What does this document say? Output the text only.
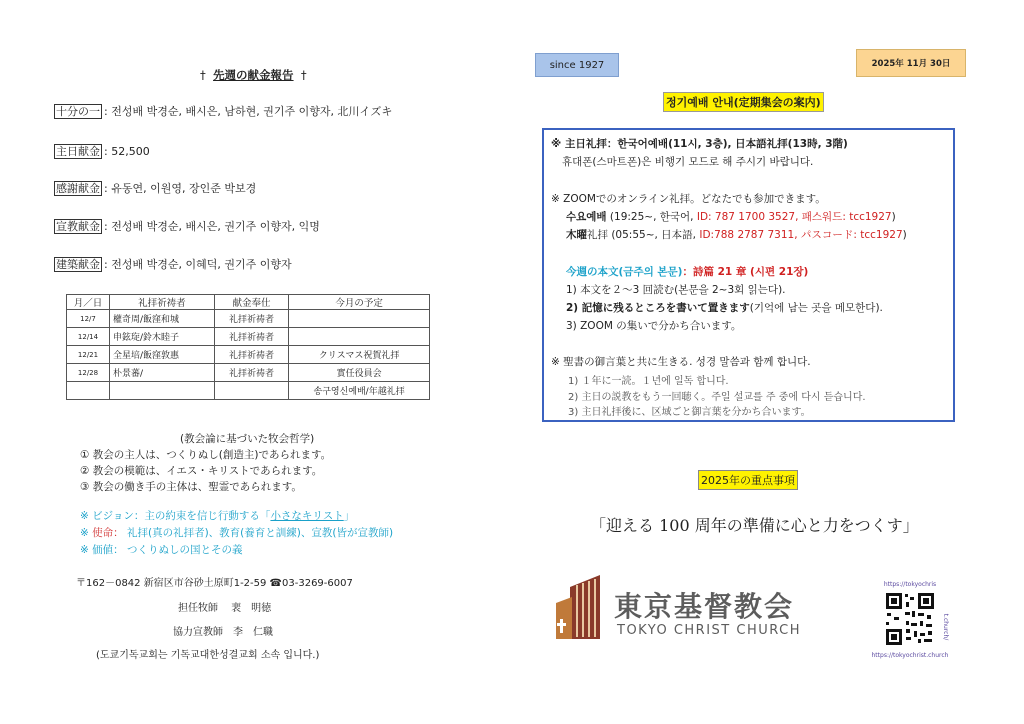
† 先週の献金報告 †
十分の一 : 전성배 박경순, 배시은, 남하현, 권기주 이향자, 北川イズキ
主日献金 : 52,500
感謝献金 : 유동연, 이원영, 장인준 박보경
宣教献金 : 전성배 박경순, 배시은, 권기주 이향자, 익명
建築献金 : 전성배 박경순, 이혜덕, 권기주 이향자
月／日	礼拝祈祷者	献金奉仕	今月の予定
12/7	權奇周/飯窪和城	礼拝祈祷者	
12/14	申鉉琁/鈴木睦子	礼拝祈祷者	
12/21	全星培/飯窪敦惠	礼拝祈祷者	クリスマス祝賀礼拝
12/28	朴景蕃/	礼拝祈祷者	實任役員会
			송구영신예배/年越礼拝
(教会論に基づいた牧会哲学)
① 教会の主人は、つくりぬし(創造主)であられます。
② 教会の模範は、イエス・キリストであられます。
③ 教会の働き手の主体は、聖霊であられます。
※ ビジョン：主の約束を信じ行動する「小さなキリスト」
※ 使命： 礼拝(真の礼拝者)、教育(養育と訓練)、宣教(皆が宣教師)
※ 価値： つくりぬしの国とその義
〒162－0842 新宿区市谷砂土原町1-2-59 ☎03-3269-6007
担任牧師　 裵　明徳
協力宣教師　李　仁職
(도쿄기독교회는 기독교대한성결교회 소속 입니다.)
since 1927	2025年 11月 30日
정기예배 안내(定期集会の案内)
※ 主日礼拝：한국어예배(11시, 3층), 日本語礼拝(13時, 3階)
휴대폰(스마트폰)은 비행기 모드로 해 주시기 바랍니다.
※ ZOOMでのオンライン礼拝。どなたでも参加できます。
수요예배 (19:25~, 한국어, ID: 787 1700 3527, 패스워드: tcc1927)
木曜礼拝 (05:55~, 日本語, ID:788 2787 7311, パスコード: tcc1927)
今週の本文(금주의 본문)：詩篇 21 章 (시편 21장)
1) 本文を２～3 回読む(본문을 2~3회 읽는다).
2) 記憶に残るところを書いて置きます(기억에 남는 곳을 메모한다).
3) ZOOM の集いで分かち合います。
※ 聖書の御言葉と共に生きる. 성경 말씀과 함께 합니다.
1) １年に一読。１년에 일독 합니다.
2) 主日の説教をもう一回聴く。주일 설교를 주 중에 다시 듣습니다.
3) 主日礼拝後に、区域ごと御言葉を分かち合います。
2025年の重点事項
「迎える 100 周年の準備に心と力をつくす」
東京基督教会
TOKYO CHRIST CHURCH
https://tokyochris
https://tokyochrist.church
t.church/
